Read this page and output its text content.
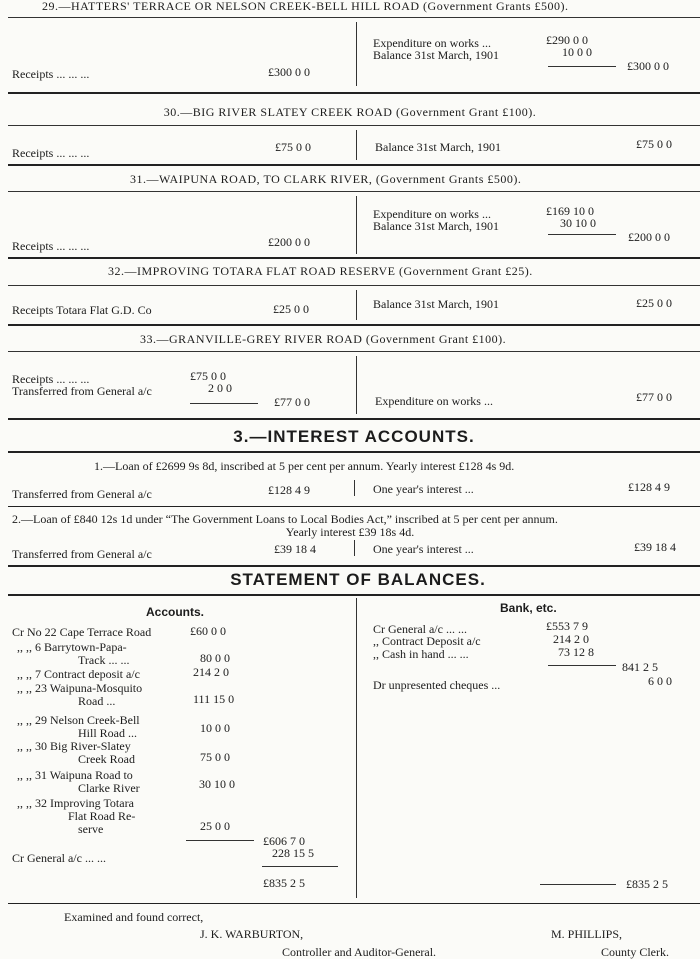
29.—HATTERS' TERRACE OR NELSON CREEK-BELL HILL ROAD (Government Grants £500).
Receipts ... ... ...	£300 0 0
Expenditure on works ...	£290 0 0
Balance 31st March, 1901	10 0 0
£300 0 0
30.—BIG RIVER SLATEY CREEK ROAD (Government Grant £100).
Receipts ... ... ...	£75 0 0	Balance 31st March, 1901	£75 0 0
31.—WAIPUNA ROAD, TO CLARK RIVER, (Government Grants £500).
Receipts ... ... ...	£200 0 0
Expenditure on works ...	£169 10 0
Balance 31st March, 1901	30 10 0
£200 0 0
32.—IMPROVING TOTARA FLAT ROAD RESERVE (Government Grant £25).
Receipts Totara Flat G.D. Co	£25 0 0	Balance 31st March, 1901	£25 0 0
33.—GRANVILLE-GREY RIVER ROAD (Government Grant £100).
Receipts ... ... ...	£75 0 0
Transferred from General a/c	2 0 0
£77 0 0	Expenditure on works ...	£77 0 0
3.—INTEREST ACCOUNTS.
1.—Loan of £2699 9s 8d, inscribed at 5 per cent per annum. Yearly interest £128 4s 9d.
Transferred from General a/c	£128 4 9	One year's interest ...	£128 4 9
2.—Loan of £840 12s 1d under “The Government Loans to Local Bodies Act,” inscribed at 5 per cent per annum.
Yearly interest £39 18s 4d.
Transferred from General a/c	£39 18 4	One year's interest ...	£39 18 4
STATEMENT OF BALANCES.
Accounts.	Bank, etc.
Cr No 22 Cape Terrace Road	£60 0 0
,, ,, 6 Barrytown-Papa-
Track ... ...	80 0 0
,, ,, 7 Contract deposit a/c	214 2 0
,, ,, 23 Waipuna-Mosquito
Road ...	111 15 0
,, ,, 29 Nelson Creek-Bell
Hill Road ...	10 0 0
,, ,, 30 Big River-Slatey
Creek Road	75 0 0
,, ,, 31 Waipuna Road to
Clarke River	30 10 0
,, ,, 32 Improving Totara
Flat Road Re-
serve	25 0 0
£606 7 0
Cr General a/c ... ...	228 15 5
£835 2 5
Cr General a/c ... ...	£553 7 9
,, Contract Deposit a/c	214 2 0
,, Cash in hand ... ...	73 12 8
841 2 5
Dr unpresented cheques ...	6 0 0
£835 2 5
Examined and found correct,
J. K. WARBURTON,
Controller and Auditor-General.
M. PHILLIPS,
County Clerk.
